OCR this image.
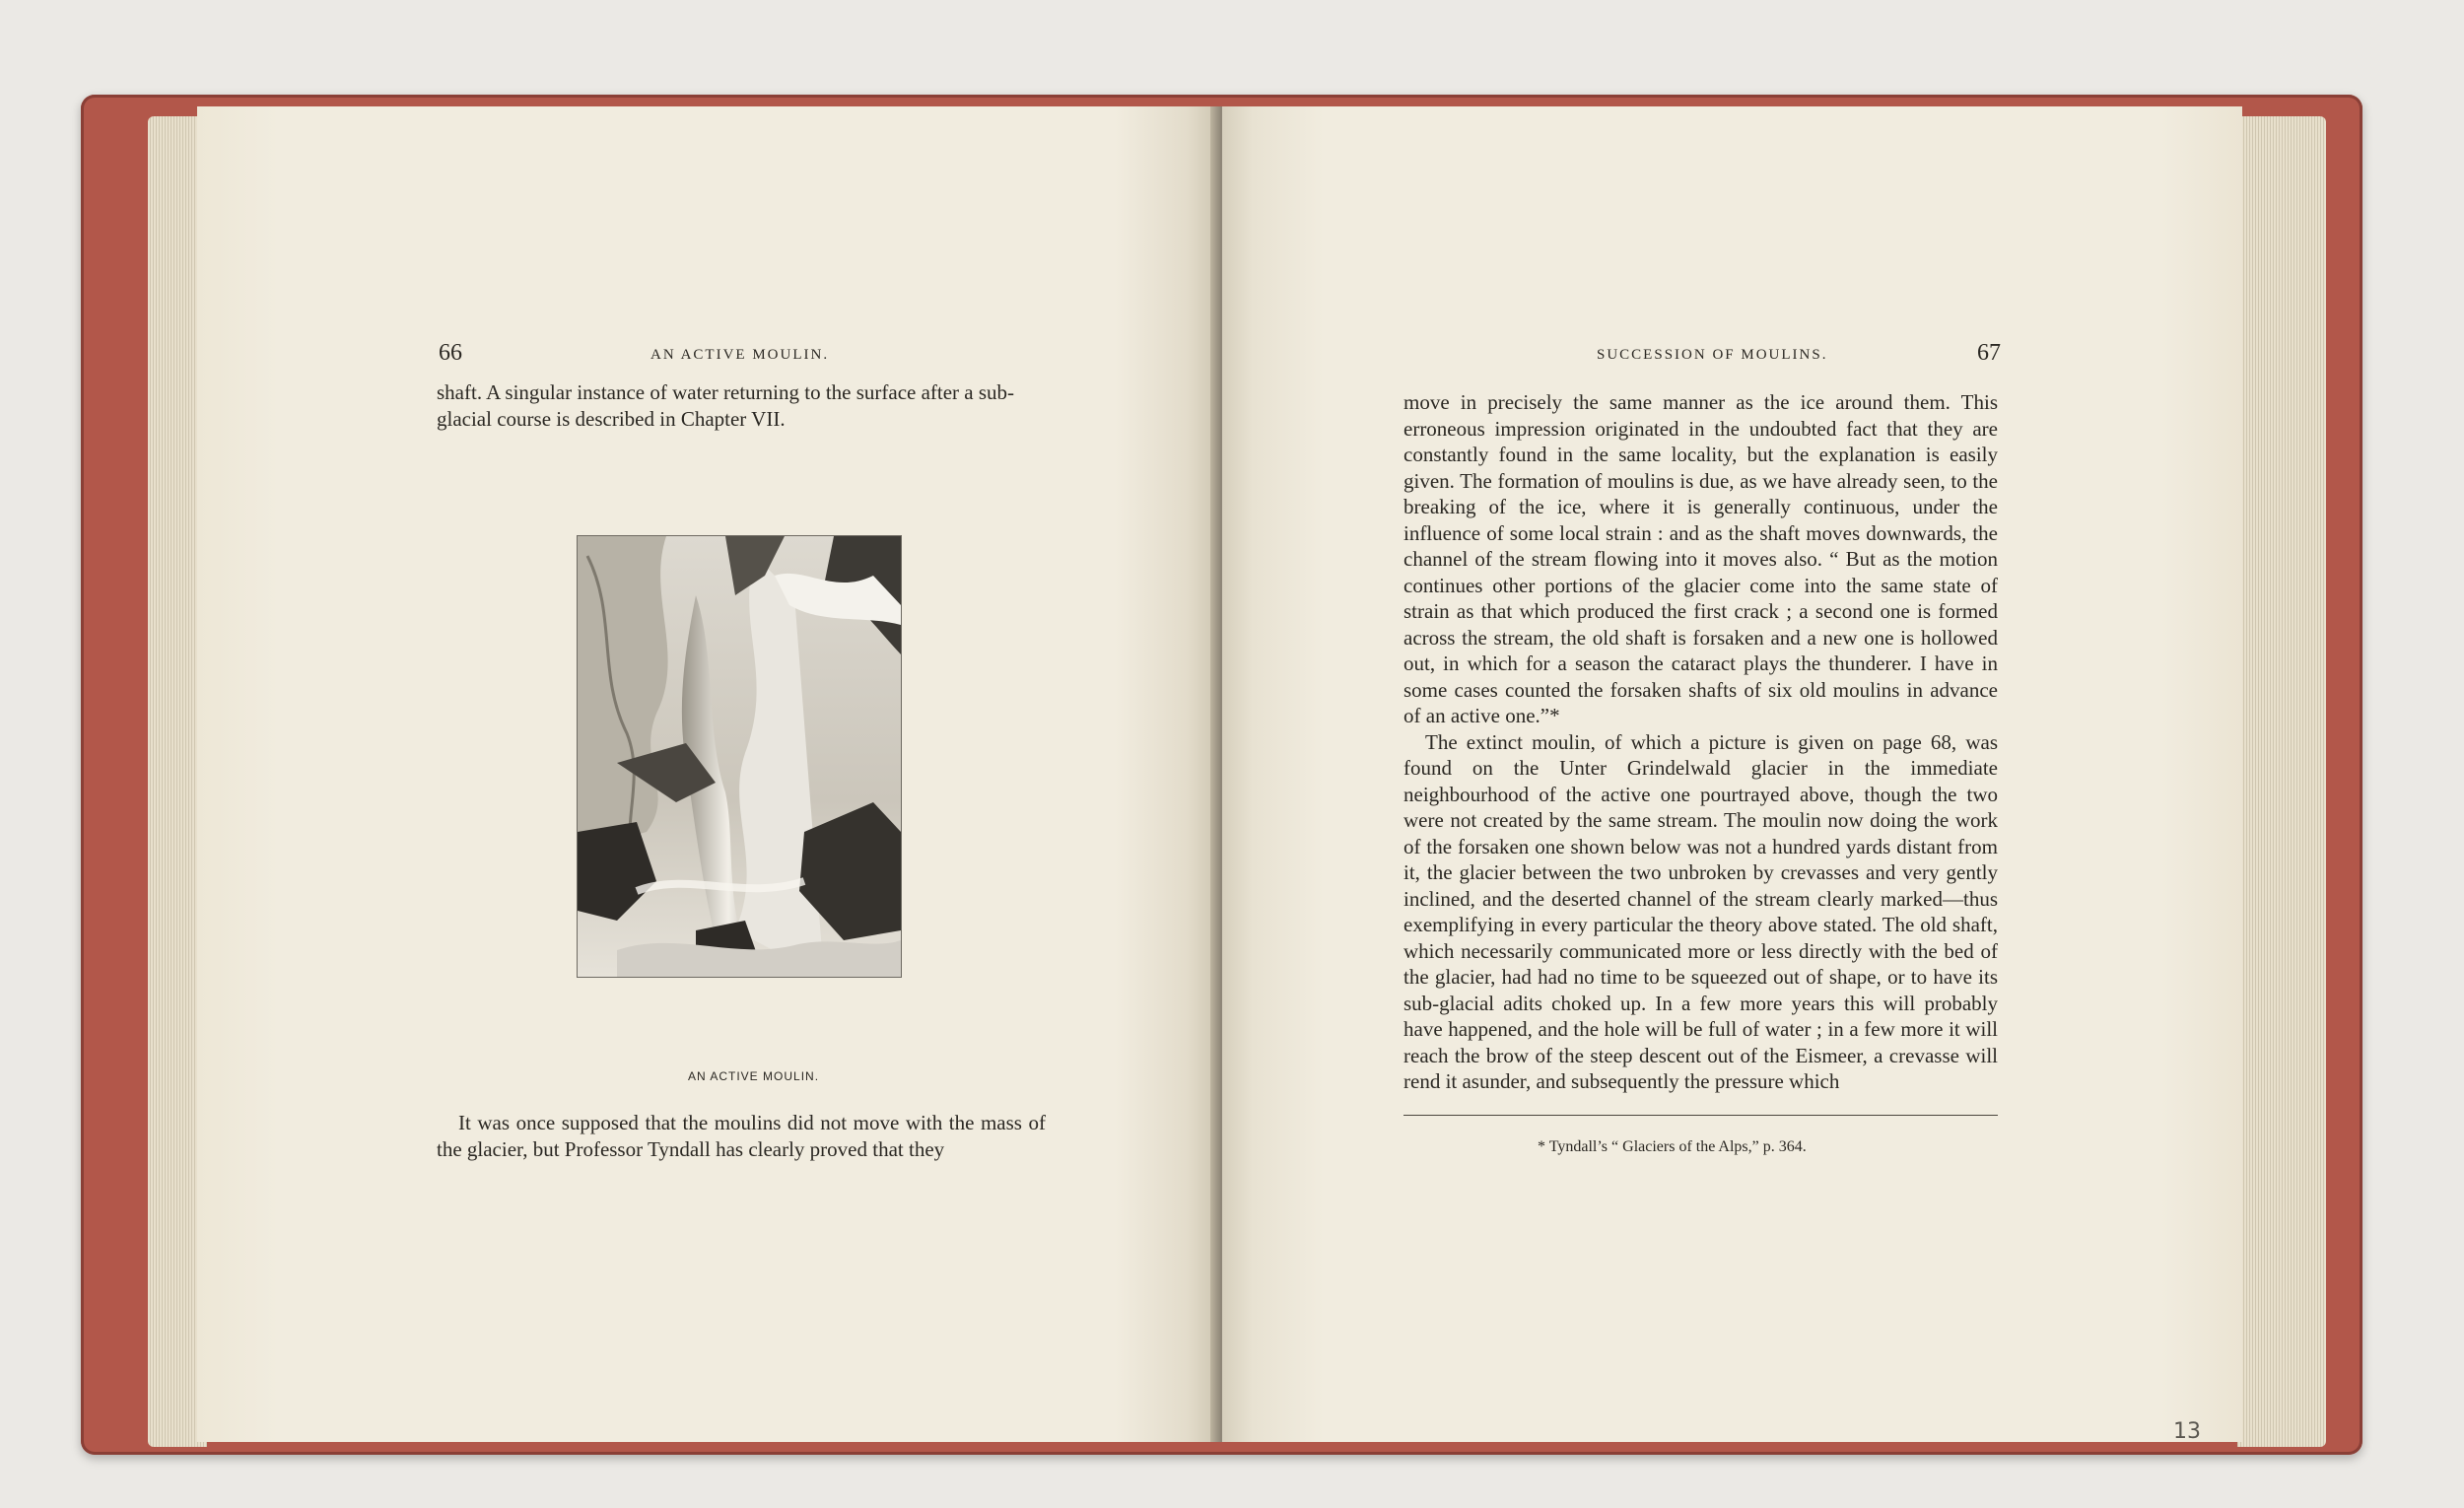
66	AN ACTIVE MOULIN.

shaft. A singular instance of water returning to the surface after a sub-glacial course is described in Chapter VII.

AN ACTIVE MOULIN.

It was once supposed that the moulins did not move with the mass of the glacier, but Professor Tyndall has clearly proved that they

SUCCESSION OF MOULINS.	67

move in precisely the same manner as the ice around them. This erroneous impression originated in the undoubted fact that they are constantly found in the same locality, but the explanation is easily given. The formation of moulins is due, as we have already seen, to the breaking of the ice, where it is generally continuous, under the influence of some local strain : and as the shaft moves downwards, the channel of the stream flowing into it moves also. “ But as the motion continues other portions of the glacier come into the same state of strain as that which produced the first crack ; a second one is formed across the stream, the old shaft is forsaken and a new one is hollowed out, in which for a season the cataract plays the thunderer. I have in some cases counted the forsaken shafts of six old moulins in advance of an active one.”*

The extinct moulin, of which a picture is given on page 68, was found on the Unter Grindelwald glacier in the immediate neighbourhood of the active one pourtrayed above, though the two were not created by the same stream. The moulin now doing the work of the forsaken one shown below was not a hundred yards distant from it, the glacier between the two unbroken by crevasses and very gently inclined, and the deserted channel of the stream clearly marked—thus exemplifying in every particular the theory above stated. The old shaft, which necessarily communicated more or less directly with the bed of the glacier, had had no time to be squeezed out of shape, or to have its sub-glacial adits choked up. In a few more years this will probably have happened, and the hole will be full of water ; in a few more it will reach the brow of the steep descent out of the Eismeer, a crevasse will rend it asunder, and subsequently the pressure which

* Tyndall’s “ Glaciers of the Alps,” p. 364.
13
